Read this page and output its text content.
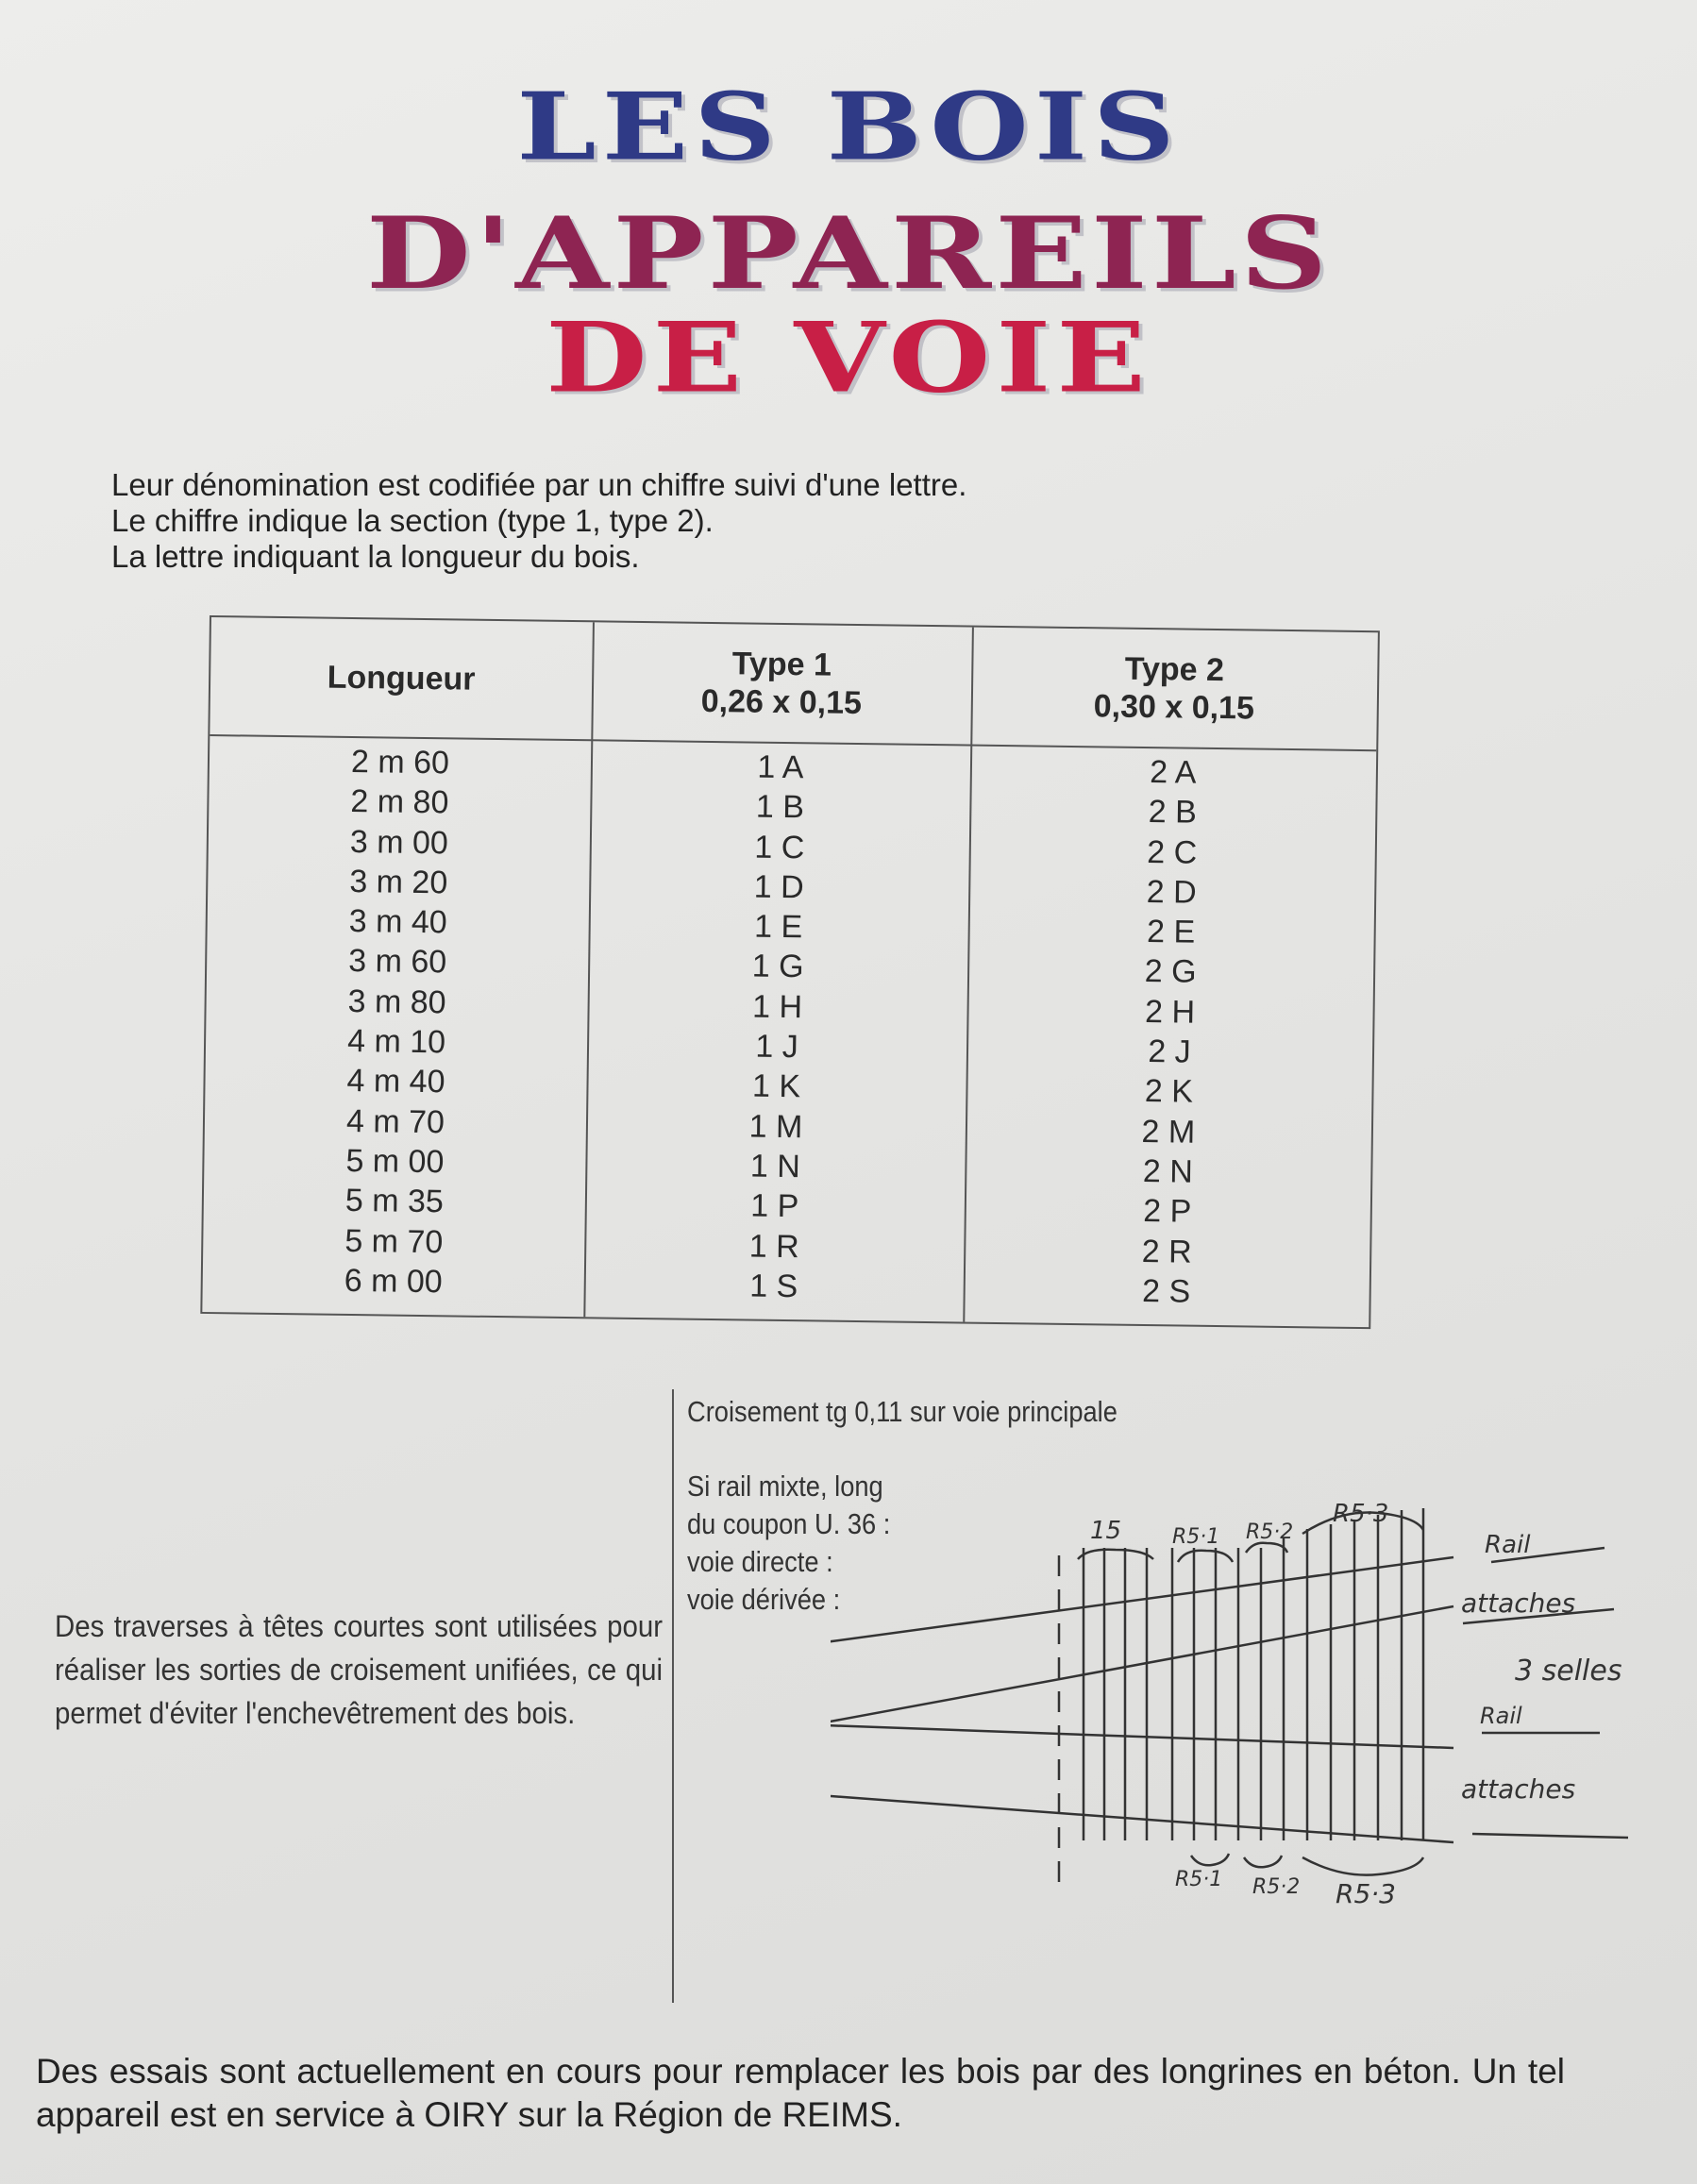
LES BOIS
D'APPAREILS
DE VOIE
Leur dénomination est codifiée par un chiffre suivi d'une lettre.
Le chiffre indique la section (type 1, type 2).
La lettre indiquant la longueur du bois.
Longueur	Type 1
0,26 x 0,15
Type 2
0,30 x 0,15
2 m 60
2 m 80
3 m 00
3 m 20
3 m 40
3 m 60
3 m 80
4 m 10
4 m 40
4 m 70
5 m 00
5 m 35
5 m 70
6 m 00
1 A
1 B
1 C
1 D
1 E
1 G
1 H
1 J
1 K
1 M
1 N
1 P
1 R
1 S
2 A
2 B
2 C
2 D
2 E
2 G
2 H
2 J
2 K
2 M
2 N
2 P
2 R
2 S
Croisement tg 0,11 sur voie principale
Si rail mixte, long
du coupon U. 36 :
voie directe :
voie dérivée :
Des traverses à têtes courtes sont utilisées pour réaliser les sorties de croisement unifiées, ce qui permet d'éviter l'enchevêtrement des bois.
15 R5·1 R5·2
R5·3
Rail
attaches
3 selles
Rail
attaches
R5·1 R5·2 R5·3
Des essais sont actuellement en cours pour remplacer les bois par des longrines en béton. Un tel appareil est en service à OIRY sur la Région de REIMS.
